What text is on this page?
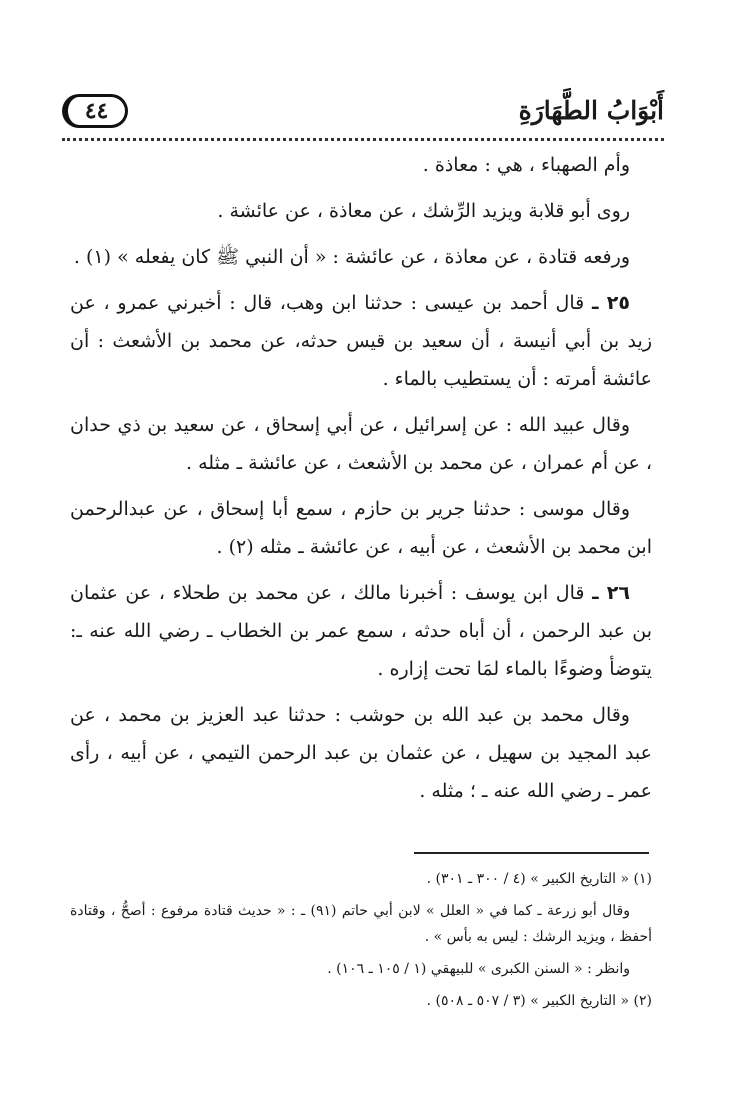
٤٤	أَبْوَابُ الطَّهَارَةِ

وأم الصهباء ، هي : معاذة .

روى أبو قلابة ويزيد الرِّشك ، عن معاذة ، عن عائشة .

ورفعه قتادة ، عن معاذة ، عن عائشة : « أن النبي ﷺ كان يفعله » (١) .

٢٥ ـ قال أحمد بن عيسى : حدثنا ابن وهب، قال : أخبرني عمرو ، عن زيد بن أبي أنيسة ، أن سعيد بن قيس حدثه، عن محمد بن الأشعث : أن عائشة أمرته : أن يستطيب بالماء .

وقال عبيد الله : عن إسرائيل ، عن أبي إسحاق ، عن سعيد بن ذي حدان ، عن أم عمران ، عن محمد بن الأشعث ، عن عائشة ـ مثله .

وقال موسى : حدثنا جرير بن حازم ، سمع أبا إسحاق ، عن عبدالرحمن ابن محمد بن الأشعث ، عن أبيه ، عن عائشة ـ مثله (٢) .

٢٦ ـ قال ابن يوسف : أخبرنا مالك ، عن محمد بن طحلاء ، عن عثمان بن عبد الرحمن ، أن أباه حدثه ، سمع عمر بن الخطاب ـ رضي الله عنه ـ: يتوضأ وضوءًا بالماء لمَا تحت إزاره .

وقال محمد بن عبد الله بن حوشب : حدثنا عبد العزيز بن محمد ، عن عبد المجيد بن سهيل ، عن عثمان بن عبد الرحمن التيمي ، عن أبيه ، رأى عمر ـ رضي الله عنه ـ ؛ مثله .

(١) « التاريخ الكبير » (٤ / ٣٠٠ ـ ٣٠١) .

وقال أبو زرعة ـ كما في « العلل » لابن أبي حاتم (٩١) ـ : « حديث قتادة مرفوع : أصحُّ ، وقتادة أحفظ ، ويزيد الرشك : ليس به بأس » .

وانظر : « السنن الكبرى » للبيهقي (١ / ١٠٥ ـ ١٠٦) .

(٢) « التاريخ الكبير » (٣ / ٥٠٧ ـ ٥٠٨) .
